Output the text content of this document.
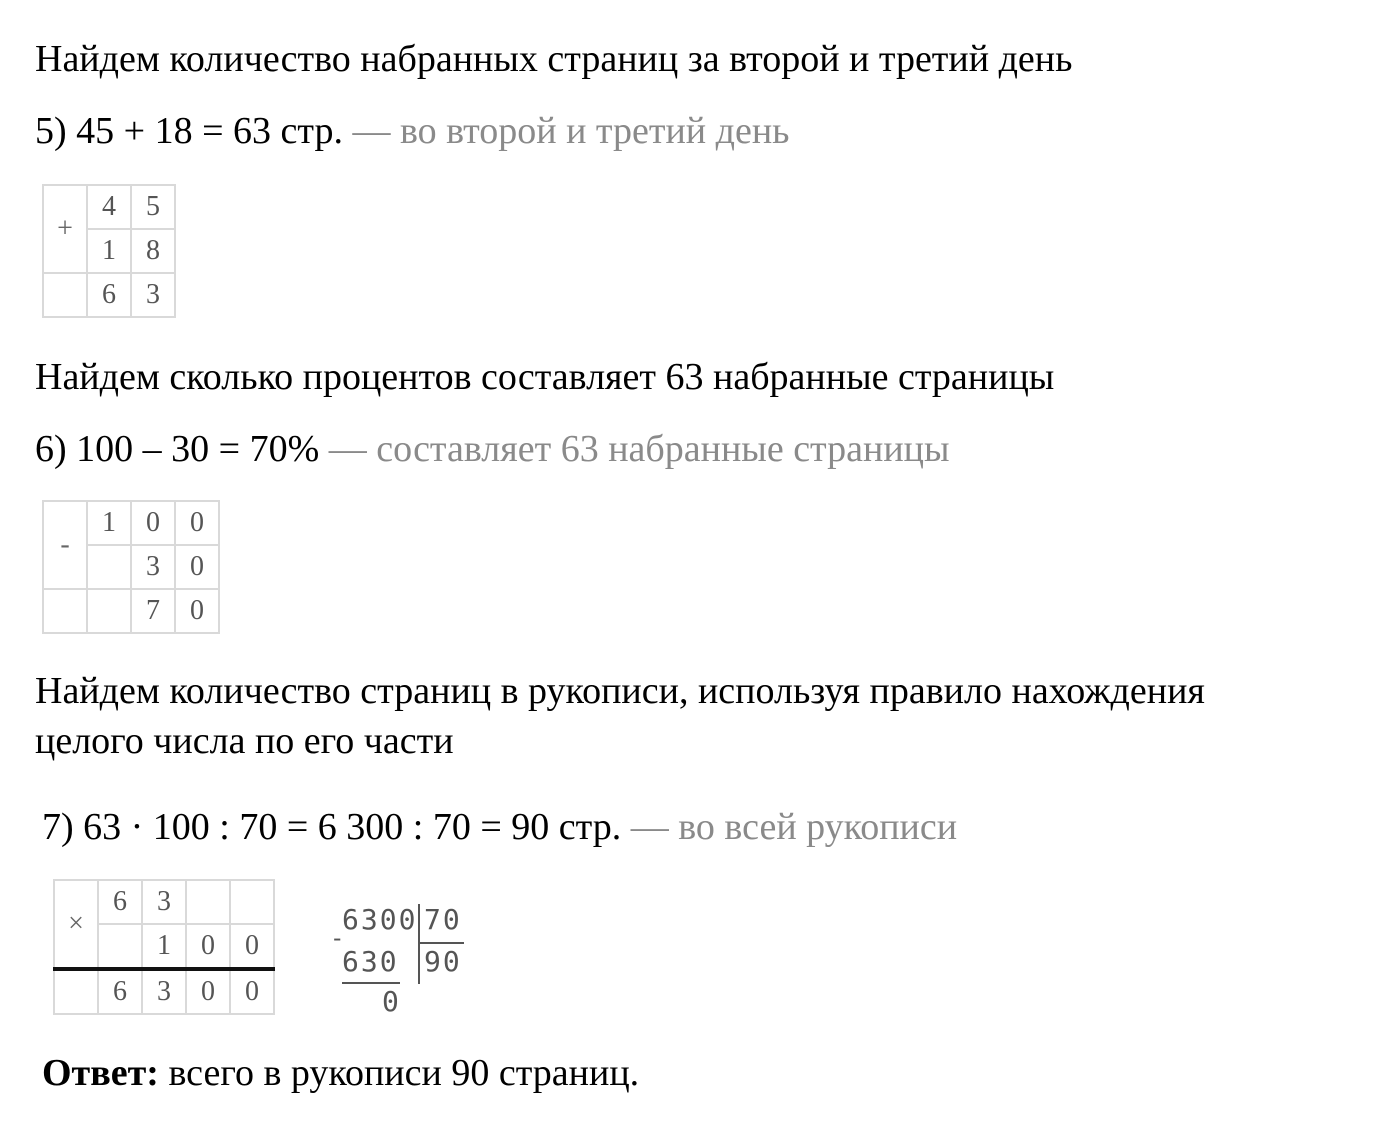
Найдем количество набранных страниц за второй и третий день
5) 45 + 18 = 63 стр. — во второй и третий день
+	4	5
	1	8
	6	3
Найдем сколько процентов составляет 63 набранные страницы
6) 100 – 30 = 70% — составляет 63 набранные страницы
-	1	0	0
		3	0
		7	0
Найдем количество страниц в рукописи, используя правило нахождения
целого числа по его части
7) 63 · 100 : 70 = 6 300 : 70 = 90 стр. — во всей рукописи
×	6	3		
		1	0	0
	6	3	0	0
6300 70
-
630 90
0
Ответ: всего в рукописи 90 страниц.
